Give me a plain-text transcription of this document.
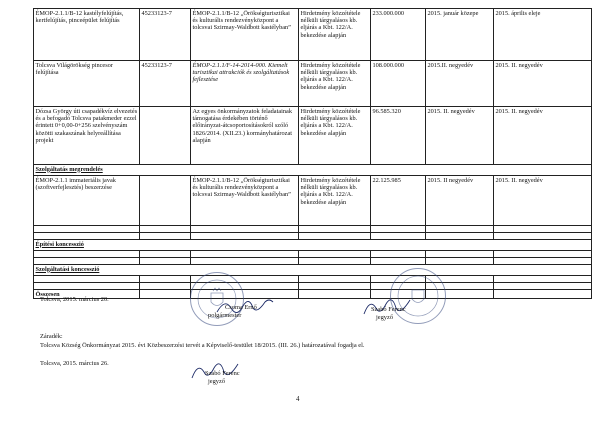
ÉMOP-2.1.1/B-12 kastélyfelújítás, kertfelújítás, pinceépület felújítás	45233123-7	ÉMOP-2.1.1/B-12 „Örökségturisztikai és kulturális rendezvényközpont a tolcsvai Szirmay-Waldbott kastélyban”	Hirdetmény közzététele nélküli tárgyalásos kb. eljárás a Kbt. 122/A. bekezdése alapján	233.000.000	2015. január közepe	2015. április eleje
Tolcsva Világörökség pincesor felújítása	45233123-7	ÉMOP-2.1.1/F-14-2014-000. Kiemelt turisztikai attrakciók és szolgáltatások fejlesztése	Hirdetmény közzététele nélküli tárgyalásos kb. eljárás a Kbt. 122/A. bekezdése alapján	108.000.000	2015.II. negyedév	2015. II. negyedév
Dózsa György úti csapadékvíz elvezetés és a befogadó Tolcsva patakmeder ezzel érintett 0+0,00-0+256 szelvényszám közötti szakaszának helyreállítása projekt		Az egyes önkormányzatok feladatainak támogatása érdekében történő előirányzat-átcsoportosításokról szóló 1826/2014. (XII.23.) kormányhatározat alapján	Hirdetmény közzététele nélküli tárgyalásos kb. eljárás a Kbt. 122/A. bekezdése alapján	96.585.320	2015. II. negyedév	2015. II. negyedév
Szolgáltatás megrendelés						
ÉMOP-2.1.1 immateriális javak (szoftverfejlesztés) beszerzése		ÉMOP-2.1.1/B-12 „Örökségturisztikai és kulturális rendezvényközpont a tolcsvai Szirmay-Waldbott kastélyban”	Hirdetmény közzététele nélküli tárgyalásos kb. eljárás a Kbt. 122/A. bekezdése alapján	22.125.985	2015. II negyedév	2015. II. negyedév

Építési koncesszió						

Szolgáltatási koncesszió						

Összesen						
Tolcsva, 2015. március 20.
Csoma Ernő
polgármester
Szabó Ferenc
jegyző
Záradék:
Tolcsva Község Önkormányzat 2015. évi Közbeszerzési tervét a Képviselő-testület 18/2015. (III. 26.) határozatával fogadja el.
Tolcsva, 2015. március 26.
Szabó Ferenc
jegyző
4
